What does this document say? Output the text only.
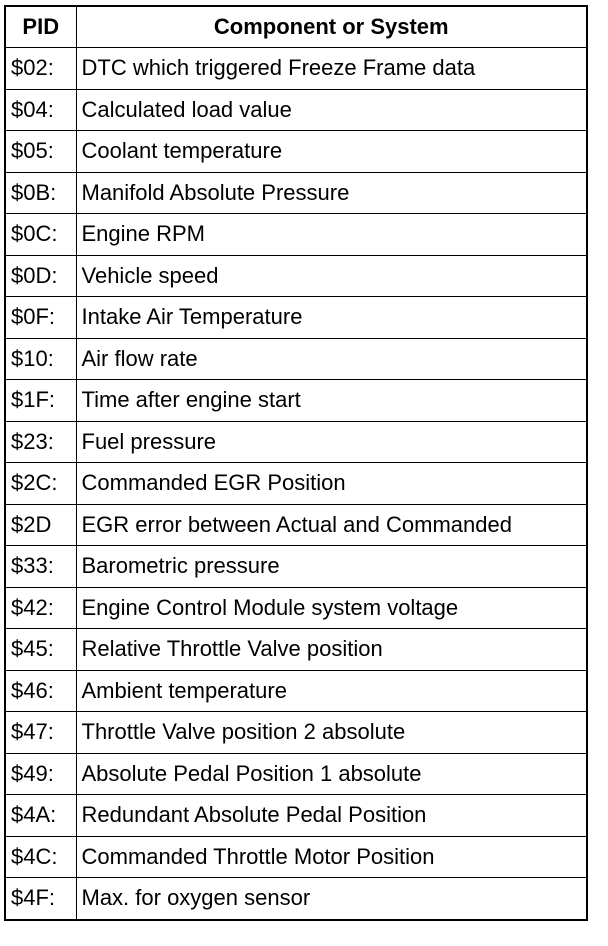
PID	Component or System
$02:	DTC which triggered Freeze Frame data
$04:	Calculated load value
$05:	Coolant temperature
$0B:	Manifold Absolute Pressure
$0C:	Engine RPM
$0D:	Vehicle speed
$0F:	Intake Air Temperature
$10:	Air flow rate
$1F:	Time after engine start
$23:	Fuel pressure
$2C:	Commanded EGR Position
$2D	EGR error between Actual and Commanded
$33:	Barometric pressure
$42:	Engine Control Module system voltage
$45:	Relative Throttle Valve position
$46:	Ambient temperature
$47:	Throttle Valve position 2 absolute
$49:	Absolute Pedal Position 1 absolute
$4A:	Redundant Absolute Pedal Position
$4C:	Commanded Throttle Motor Position
$4F:	Max. for oxygen sensor
